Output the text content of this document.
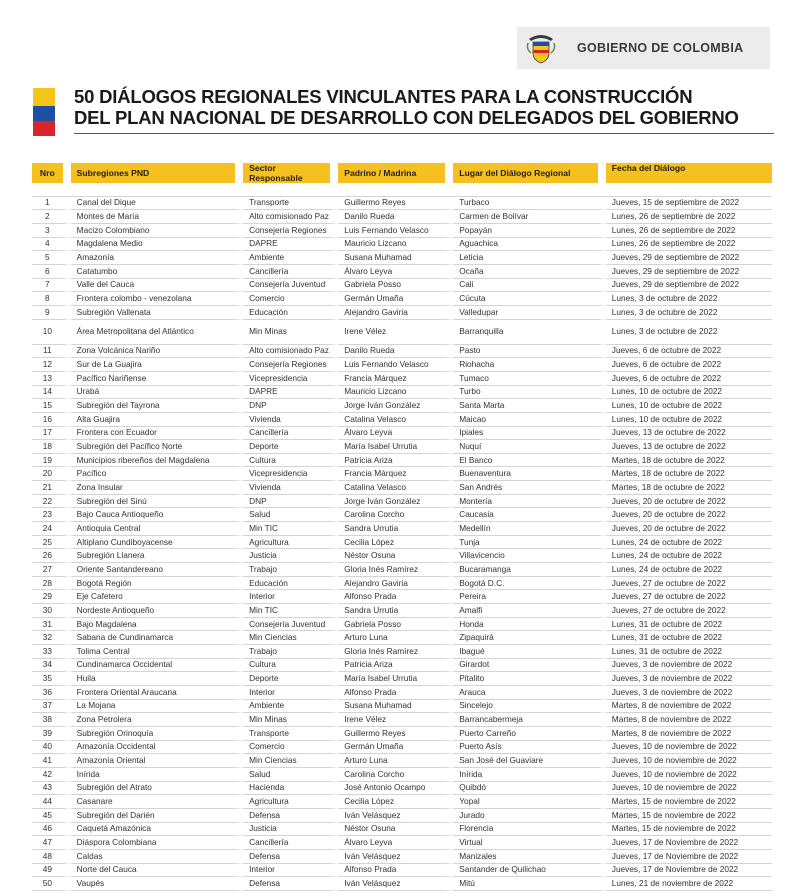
GOBIERNO DE COLOMBIA
50 DIÁLOGOS REGIONALES VINCULANTES PARA LA CONSTRUCCIÓN
DEL PLAN NACIONAL DE DESARROLLO CON DELEGADOS DEL GOBIERNO
Nro	Subregiones PND	Sector Responsable	Padrino / Madrina	Lugar del Diálogo Regional	Fecha del Diálogo

1	Canal del Dique	Transporte	Guillermo Reyes	Turbaco	Jueves, 15 de septiembre de 2022
2	Montes de María	Alto comisionado Paz	Danilo Rueda	Carmen de Bolívar	Lunes, 26 de septiembre de 2022
3	Macizo Colombiano	Consejería Regiones	Luis Fernando Velasco	Popayán	Lunes, 26 de septiembre de 2022
4	Magdalena Medio	DAPRE	Mauricio Lizcano	Aguachica	Lunes, 26 de septiembre de 2022
5	Amazonía	Ambiente	Susana Muhamad	Leticia	Jueves, 29 de septiembre de 2022
6	Catatumbo	Cancillería	Álvaro Leyva	Ocaña	Jueves, 29 de septiembre de 2022
7	Valle del Cauca	Consejería Juventud	Gabriela Posso	Cali	Jueves, 29 de septiembre de 2022
8	Frontera colombo - venezolana	Comercio	Germán Umaña	Cúcuta	Lunes, 3 de octubre de 2022
9	Subregión Vallenata	Educación	Alejandro Gaviria	Valledupar	Lunes, 3 de octubre de 2022
10	Área Metropolitana del Atlántico	Min Minas	Irene Vélez	Barranquilla	Lunes, 3 de octubre de 2022
11	Zona Volcánica Nariño	Alto comisionado Paz	Danilo Rueda	Pasto	Jueves, 6 de octubre de 2022
12	Sur de La Guajira	Consejería Regiones	Luis Fernando Velasco	Riohacha	Jueves, 6 de octubre de 2022
13	Pacífico Nariñense	Vicepresidencia	Francia Márquez	Tumaco	Jueves, 6 de octubre de 2022
14	Urabá	DAPRE	Mauricio Lizcano	Turbo	Lunes, 10 de octubre de 2022
15	Subregión del Tayrona	DNP	Jorge Iván González	Santa Marta	Lunes, 10 de octubre de 2022
16	Alta Guajira	Vivienda	Catalina Velasco	Maicao	Lunes, 10 de octubre de 2022
17	Frontera con Ecuador	Cancillería	Álvaro Leyva	Ipiales	Jueves, 13 de octubre de 2022
18	Subregión del Pacífico Norte	Deporte	María Isabel Urrutia	Nuquí	Jueves, 13 de octubre de 2022
19	Municipios ribereños del Magdalena	Cultura	Patricia Ariza	El Banco	Martes, 18 de octubre de 2022
20	Pacífico	Vicepresidencia	Francia Márquez	Buenaventura	Martes, 18 de octubre de 2022
21	Zona Insular	Vivienda	Catalina Velasco	San Andrés	Martes, 18 de octubre de 2022
22	Subregión del Sinú	DNP	Jorge Iván González	Montería	Jueves, 20 de octubre de 2022
23	Bajo Cauca Antioqueño	Salud	Carolina Corcho	Caucasia	Jueves, 20 de octubre de 2022
24	Antioquia Central	Min TIC	Sandra Urrutia	Medellín	Jueves, 20 de octubre de 2022
25	Altiplano Cundiboyacense	Agricultura	Cecilia López	Tunja	Lunes, 24 de octubre de 2022
26	Subregión Llanera	Justicia	Néstor Osuna	Villavicencio	Lunes, 24 de octubre de 2022
27	Oriente Santandereano	Trabajo	Gloria Inés Ramírez	Bucaramanga	Lunes, 24 de octubre de 2022
28	Bogotá Región	Educación	Alejandro Gaviria	Bogotá D.C.	Jueves, 27 de octubre de 2022
29	Eje Cafetero	Interior	Alfonso Prada	Pereira	Jueves, 27 de octubre de 2022
30	Nordeste Antioqueño	Min TIC	Sandra Urrutia	Amalfi	Jueves, 27 de octubre de 2022
31	Bajo Magdalena	Consejería Juventud	Gabriela Posso	Honda	Lunes, 31 de octubre de 2022
32	Sabana de Cundinamarca	Min Ciencias	Arturo Luna	Zipaquirá	Lunes, 31 de octubre de 2022
33	Tolima Central	Trabajo	Gloria Inés Ramírez	Ibagué	Lunes, 31 de octubre de 2022
34	Cundinamarca Occidental	Cultura	Patricia Ariza	Girardot	Jueves, 3 de noviembre de 2022
35	Huila	Deporte	María Isabel Urrutia	Pitalito	Jueves, 3 de noviembre de 2022
36	Frontera Oriental Araucana	Interior	Alfonso Prada	Arauca	Jueves, 3 de noviembre de 2022
37	La Mojana	Ambiente	Susana Muhamad	Sincelejo	Martes, 8 de noviembre de 2022
38	Zona Petrolera	Min Minas	Irene Vélez	Barrancabermeja	Martes, 8 de noviembre de 2022
39	Subregión Orinoquía	Transporte	Guillermo Reyes	Puerto Carreño	Martes, 8 de noviembre de 2022
40	Amazonía Occidental	Comercio	Germán Umaña	Puerto Asís	Jueves, 10 de noviembre de 2022
41	Amazonía Oriental	Min Ciencias	Arturo Luna	San José del Guaviare	Jueves, 10 de noviembre de 2022
42	Inírida	Salud	Carolina Corcho	Inírida	Jueves, 10 de noviembre de 2022
43	Subregión del Atrato	Hacienda	José Antonio Ocampo	Quibdó	Jueves, 10 de noviembre de 2022
44	Casanare	Agricultura	Cecilia López	Yopal	Martes, 15 de noviembre de 2022
45	Subregión del Darién	Defensa	Iván Velásquez	Jurado	Martes, 15 de noviembre de 2022
46	Caquetá Amazónica	Justicia	Néstor Osuna	Florencia	Martes, 15 de noviembre de 2022
47	Diáspora Colombiana	Cancillería	Álvaro Leyva	Virtual	Jueves, 17 de Noviembre de 2022
48	Caldas	Defensa	Iván Velásquez	Manizales	Jueves, 17 de Noviembre de 2022
49	Norte del Cauca	Interior	Alfonso Prada	Santander de Quilichao	Jueves, 17 de Noviembre de 2022
50	Vaupés	Defensa	Iván Velásquez	Mitú	Lunes, 21 de noviembre de 2022
